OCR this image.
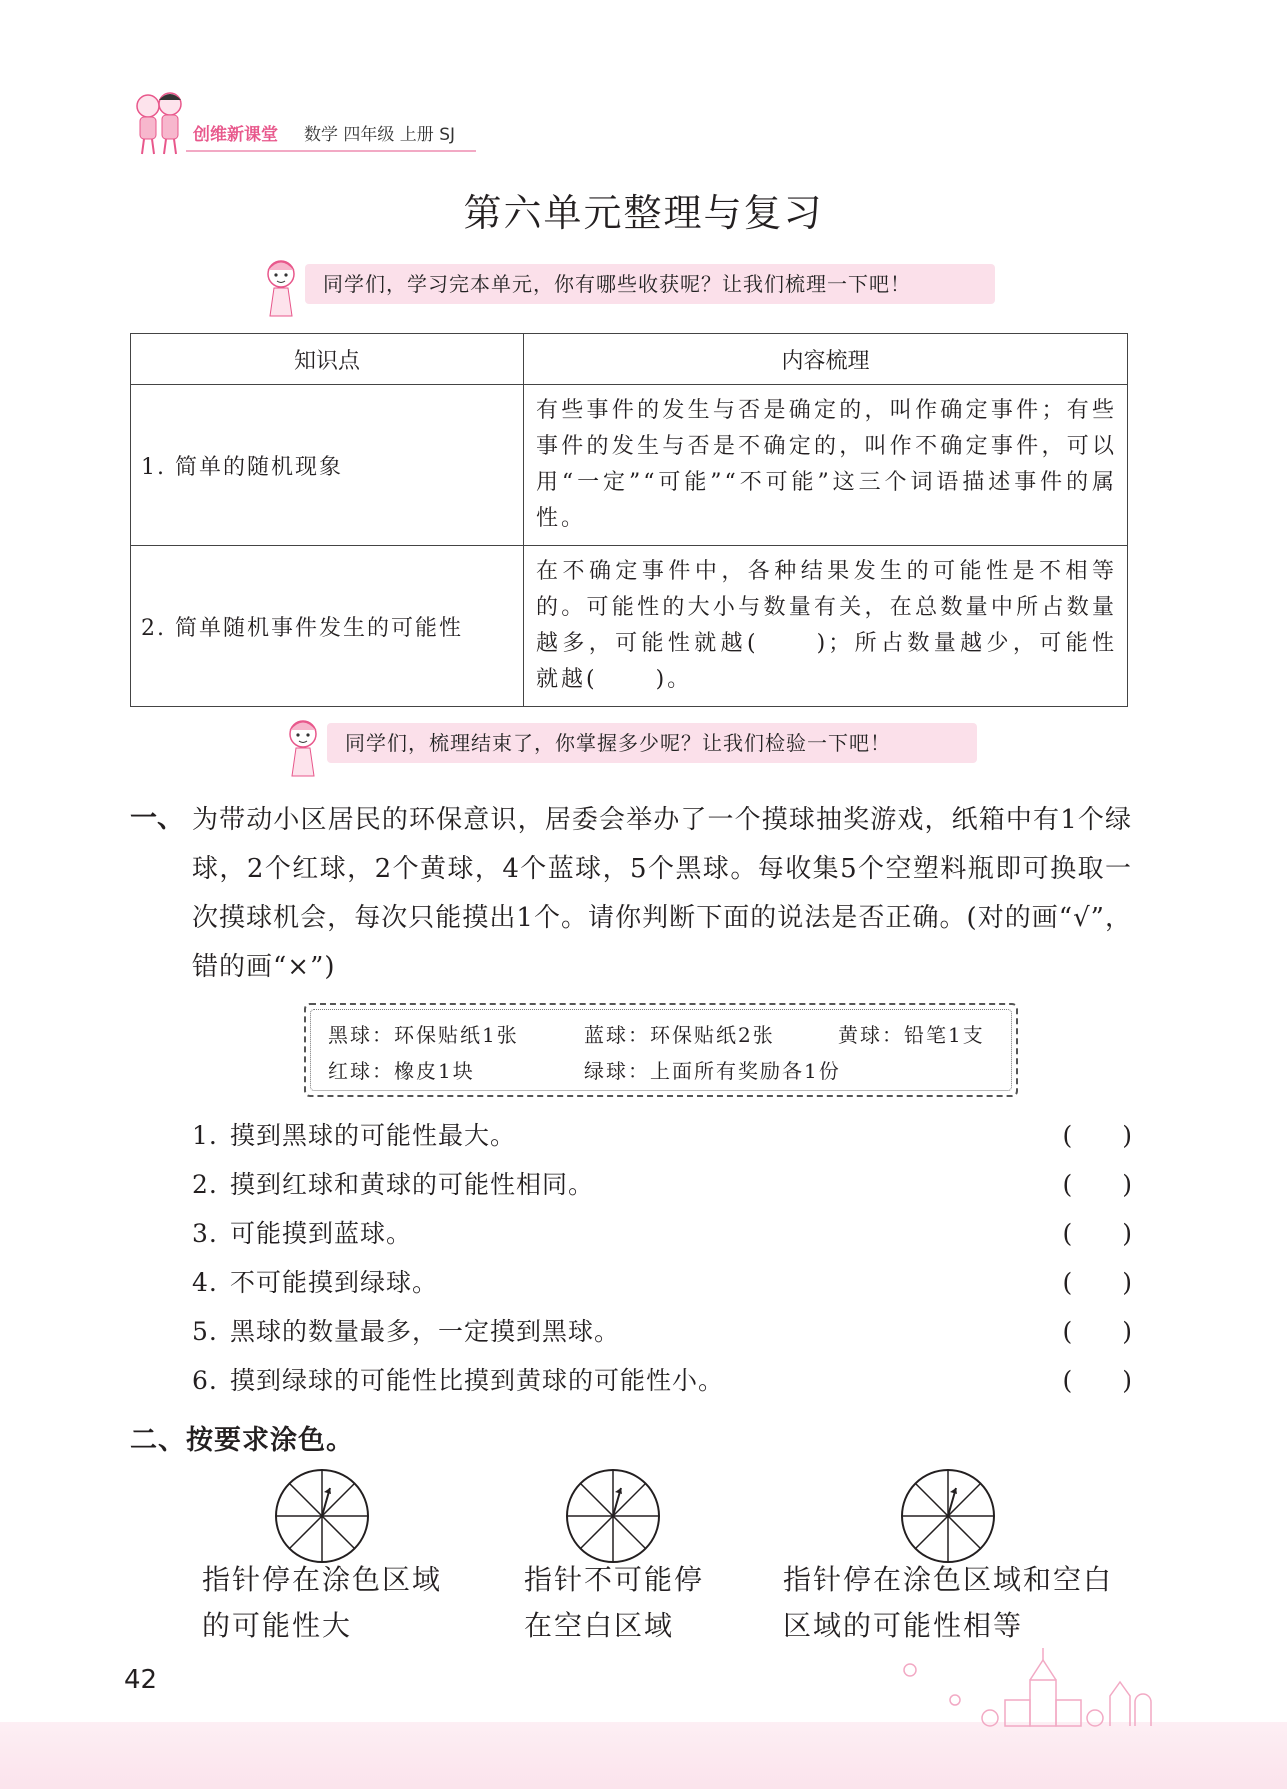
创维新课堂 数学 四年级 上册 SJ
第六单元整理与复习
同学们，学习完本单元，你有哪些收获呢？让我们梳理一下吧！
知识点	内容梳理
1. 简单的随机现象	有些事件的发生与否是确定的，叫作确定事件；有些事件的发生与否是不确定的，叫作不确定事件，可以用“一定”“可能”“不可能”这三个词语描述事件的属性。
2. 简单随机事件发生的可能性	在不确定事件中，各种结果发生的可能性是不相等的。可能性的大小与数量有关，在总数量中所占数量越多，可能性就越( )；所占数量越少，可能性就越( )。
同学们，梳理结束了，你掌握多少呢？让我们检验一下吧！
一、 为带动小区居民的环保意识，居委会举办了一个摸球抽奖游戏，纸箱中有1个绿球，2个红球，2个黄球，4个蓝球，5个黑球。每收集5个空塑料瓶即可换取一次摸球机会，每次只能摸出1个。请你判断下面的说法是否正确。(对的画“√”，错的画“×”)
黑球：环保贴纸1张	蓝球：环保贴纸2张	黄球：铅笔1支
红球：橡皮1块	绿球：上面所有奖励各1份
1. 摸到黑球的可能性最大。	(　　)
2. 摸到红球和黄球的可能性相同。	(　　)
3. 可能摸到蓝球。	(　　)
4. 不可能摸到绿球。	(　　)
5. 黑球的数量最多，一定摸到黑球。	(　　)
6. 摸到绿球的可能性比摸到黄球的可能性小。	(　　)
二、按要求涂色。
指针停在涂色区域的可能性大
指针不可能停在空白区域
指针停在涂色区域和空白区域的可能性相等
42
